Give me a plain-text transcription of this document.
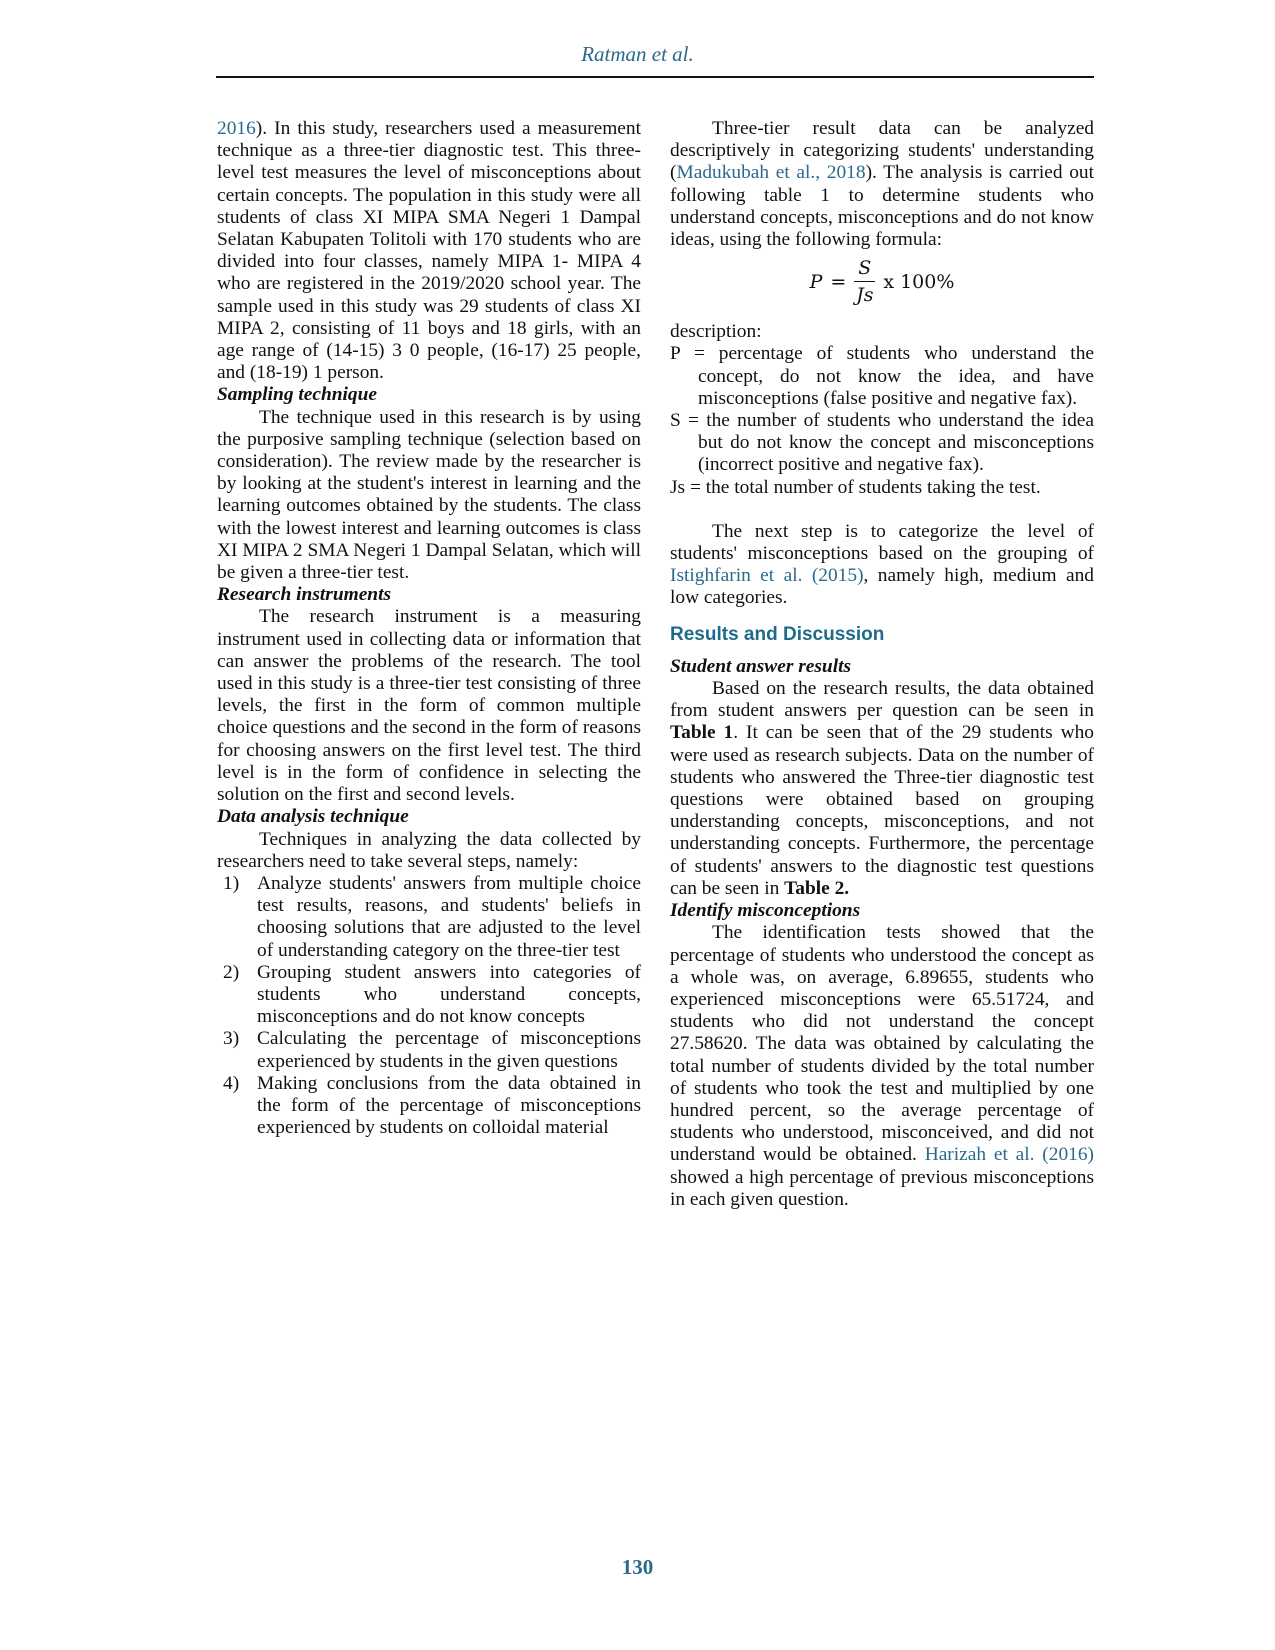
Ratman et al.

2016). In this study, researchers used a measurement technique as a three-tier diagnostic test. This three-level test measures the level of misconceptions about certain concepts. The population in this study were all students of class XI MIPA SMA Negeri 1 Dampal Selatan Kabupaten Tolitoli with 170 students who are divided into four classes, namely MIPA 1- MIPA 4 who are registered in the 2019/2020 school year. The sample used in this study was 29 students of class XI MIPA 2, consisting of 11 boys and 18 girls, with an age range of (14-15) 3 0 people, (16-17) 25 people, and (18-19) 1 person.

Sampling technique

The technique used in this research is by using the purposive sampling technique (selection based on consideration). The review made by the researcher is by looking at the student's interest in learning and the learning outcomes obtained by the students. The class with the lowest interest and learning outcomes is class XI MIPA 2 SMA Negeri 1 Dampal Selatan, which will be given a three-tier test.

Research instruments

The research instrument is a measuring instrument used in collecting data or information that can answer the problems of the research. The tool used in this study is a three-tier test consisting of three levels, the first in the form of common multiple choice questions and the second in the form of reasons for choosing answers on the first level test. The third level is in the form of confidence in selecting the solution on the first and second levels.

Data analysis technique

Techniques in analyzing the data collected by researchers need to take several steps, namely:

1) Analyze students' answers from multiple choice test results, reasons, and students' beliefs in choosing solutions that are adjusted to the level of understanding category on the three-tier test
2) Grouping student answers into categories of students who understand concepts, misconceptions and do not know concepts
3) Calculating the percentage of misconceptions experienced by students in the given questions
4) Making conclusions from the data obtained in the form of the percentage of misconceptions experienced by students on colloidal material

Three-tier result data can be analyzed descriptively in categorizing students' understanding (Madukubah et al., 2018). The analysis is carried out following table 1 to determine students who understand concepts, misconceptions and do not know ideas, using the following formula:

$P = \frac{S}{Js}$ x 100%

description:

P = percentage of students who understand the concept, do not know the idea, and have misconceptions (false positive and negative fax).

S = the number of students who understand the idea but do not know the concept and misconceptions (incorrect positive and negative fax).

Js = the total number of students taking the test.

The next step is to categorize the level of students' misconceptions based on the grouping of Istighfarin et al. (2015), namely high, medium and low categories.

Results and Discussion

Student answer results

Based on the research results, the data obtained from student answers per question can be seen in Table 1. It can be seen that of the 29 students who were used as research subjects. Data on the number of students who answered the Three-tier diagnostic test questions were obtained based on grouping understanding concepts, misconceptions, and not understanding concepts. Furthermore, the percentage of students' answers to the diagnostic test questions can be seen in Table 2.

Identify misconceptions

The identification tests showed that the percentage of students who understood the concept as a whole was, on average, 6.89655, students who experienced misconceptions were 65.51724, and students who did not understand the concept 27.58620. The data was obtained by calculating the total number of students divided by the total number of students who took the test and multiplied by one hundred percent, so the average percentage of students who understood, misconceived, and did not understand would be obtained. Harizah et al. (2016) showed a high percentage of previous misconceptions in each given question.

130
